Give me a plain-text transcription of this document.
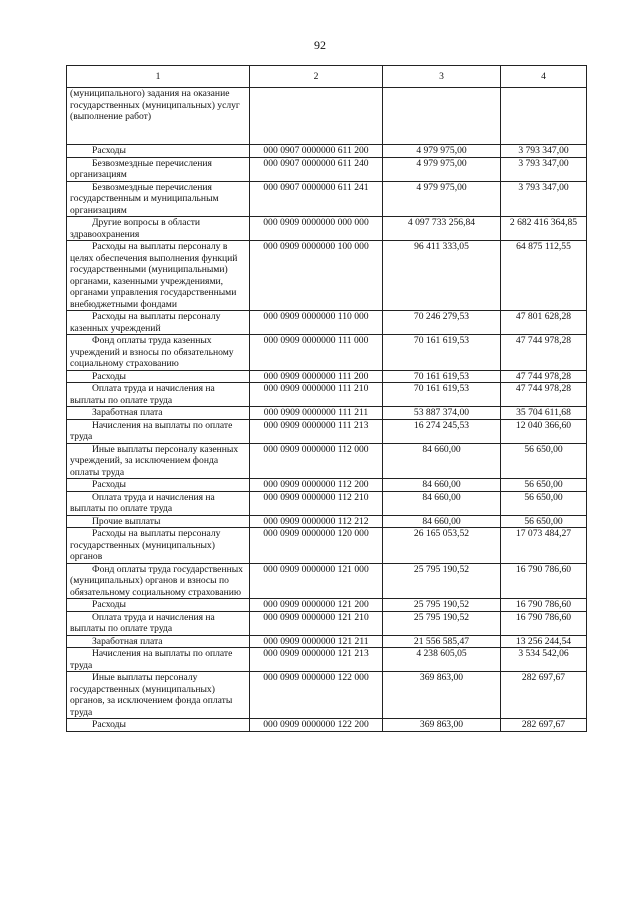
92
1	2	3	4

(муниципального) задания на оказание государственных (муниципальных) услуг (выполнение работ)			

Расходы	000 0907 0000000 611 200	4 979 975,00	3 793 347,00

Безвозмездные перечисления организациям	000 0907 0000000 611 240	4 979 975,00	3 793 347,00

Безвозмездные перечисления государственным и муниципальным организациям	000 0907 0000000 611 241	4 979 975,00	3 793 347,00

Другие вопросы в области здравоохранения	000 0909 0000000 000 000	4 097 733 256,84	2 682 416 364,85

Расходы на выплаты персоналу в целях обеспечения выполнения функций государственными (муниципальными) органами, казенными учреждениями, органами управления государственными внебюджетными фондами	000 0909 0000000 100 000	96 411 333,05	64 875 112,55

Расходы на выплаты персоналу казенных учреждений	000 0909 0000000 110 000	70 246 279,53	47 801 628,28

Фонд оплаты труда казенных учреждений и взносы по обязательному социальному страхованию	000 0909 0000000 111 000	70 161 619,53	47 744 978,28

Расходы	000 0909 0000000 111 200	70 161 619,53	47 744 978,28

Оплата труда и начисления на выплаты по оплате труда	000 0909 0000000 111 210	70 161 619,53	47 744 978,28

Заработная плата	000 0909 0000000 111 211	53 887 374,00	35 704 611,68

Начисления на выплаты по оплате труда	000 0909 0000000 111 213	16 274 245,53	12 040 366,60

Иные выплаты персоналу казенных учреждений, за исключением фонда оплаты труда	000 0909 0000000 112 000	84 660,00	56 650,00

Расходы	000 0909 0000000 112 200	84 660,00	56 650,00

Оплата труда и начисления на выплаты по оплате труда	000 0909 0000000 112 210	84 660,00	56 650,00

Прочие выплаты	000 0909 0000000 112 212	84 660,00	56 650,00

Расходы на выплаты персоналу государственных (муниципальных) органов	000 0909 0000000 120 000	26 165 053,52	17 073 484,27

Фонд оплаты труда государственных (муниципальных) органов и взносы по обязательному социальному страхованию	000 0909 0000000 121 000	25 795 190,52	16 790 786,60

Расходы	000 0909 0000000 121 200	25 795 190,52	16 790 786,60

Оплата труда и начисления на выплаты по оплате труда	000 0909 0000000 121 210	25 795 190,52	16 790 786,60

Заработная плата	000 0909 0000000 121 211	21 556 585,47	13 256 244,54

Начисления на выплаты по оплате труда	000 0909 0000000 121 213	4 238 605,05	3 534 542,06

Иные выплаты персоналу государственных (муниципальных) органов, за исключением фонда оплаты труда	000 0909 0000000 122 000	369 863,00	282 697,67

Расходы	000 0909 0000000 122 200	369 863,00	282 697,67
